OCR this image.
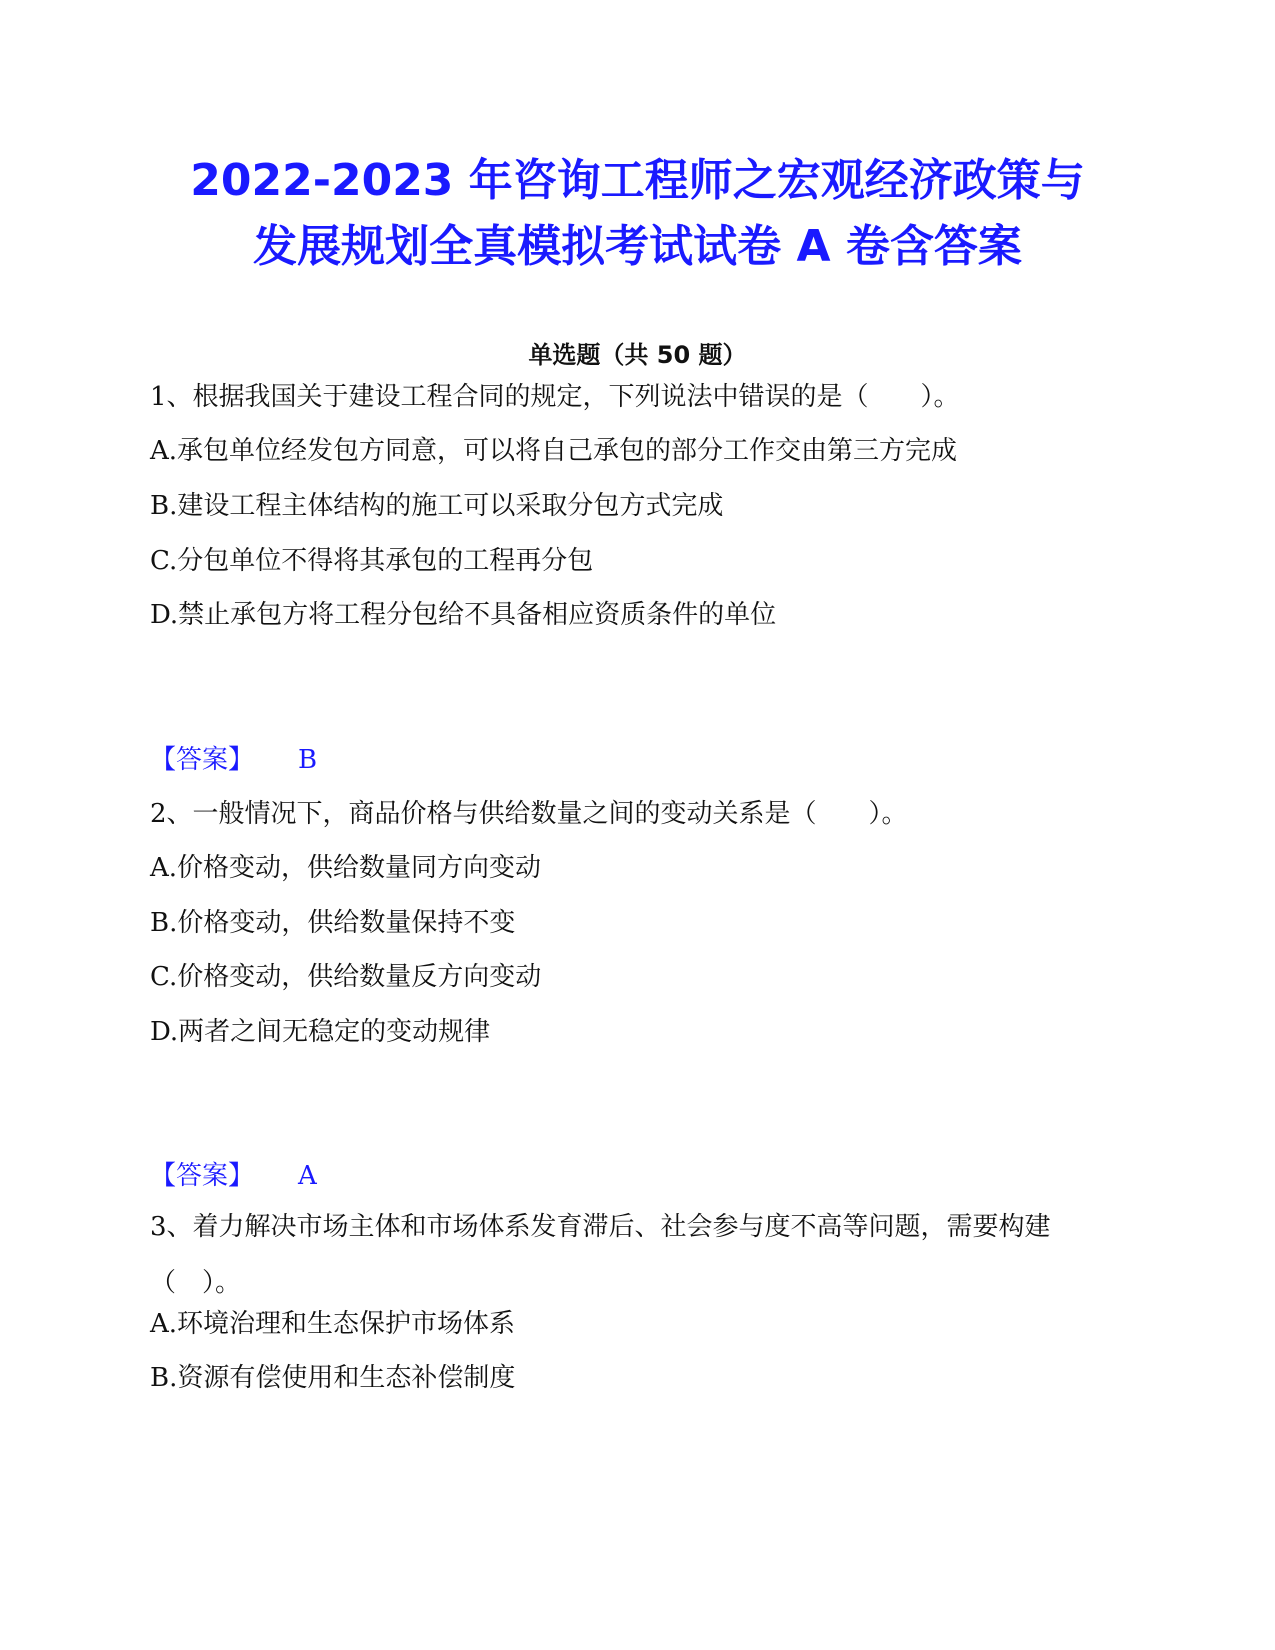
2022-2023 年咨询工程师之宏观经济政策与
发展规划全真模拟考试试卷 A 卷含答案
单选题（共 50 题）

1、根据我国关于建设工程合同的规定，下列说法中错误的是（　　）。

A.承包单位经发包方同意，可以将自己承包的部分工作交由第三方完成

B.建设工程主体结构的施工可以采取分包方式完成

C.分包单位不得将其承包的工程再分包

D.禁止承包方将工程分包给不具备相应资质条件的单位

【答案】 B

2、一般情况下，商品价格与供给数量之间的变动关系是（　　）。

A.价格变动，供给数量同方向变动

B.价格变动，供给数量保持不变

C.价格变动，供给数量反方向变动

D.两者之间无稳定的变动规律

【答案】 A

3、着力解决市场主体和市场体系发育滞后、社会参与度不高等问题，需要构建（　）。

A.环境治理和生态保护市场体系

B.资源有偿使用和生态补偿制度
